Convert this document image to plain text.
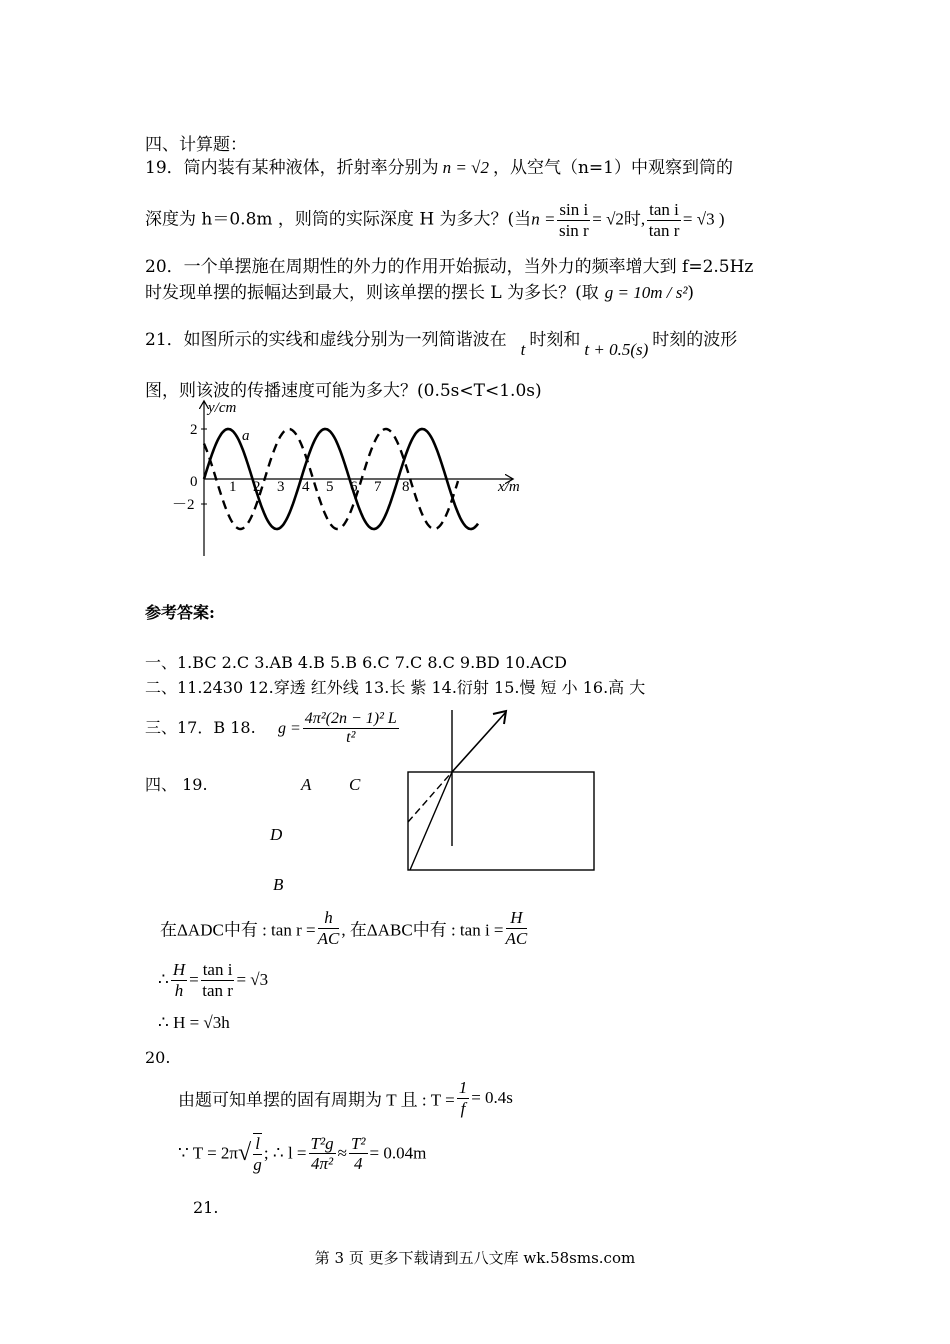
四、计算题：
19．筒内装有某种液体，折射率分别为 n = √2 ，从空气（n=1）中观察到筒的
深度为 h＝0.8m ，则筒的实际深度 H 为多大？(当$n = \frac{\text{sin i}}{\text{sin r}} = √2$时, $\frac{\text{tan i}}{\text{tan r}} = √3$ )
20．一个单摆施在周期性的外力的作用开始振动，当外力的频率增大到 f=2.5Hz
时发现单摆的振幅达到最大，则该单摆的摆长 L 为多长？(取 g = 10m / s²)
21．如图所示的实线和虚线分别为一列简谐波在 t 时刻和 t + 0.5(s) 时刻的波形
图，则该波的传播速度可能为多大？(0.5s<T<1.0s)
y/cm
x/m
a
2
0
－2
1 2 3 4 5 6 7 8
参考答案:
一、1.BC 2.C 3.AB 4.B 5.B 6.C 7.C 8.C 9.BD 10.ACD
二、11.2430 12.穿透 红外线 13.长 紫 14.衍射 15.慢 短 小 16.高 大
三、17．B 18. $g = \frac{\text{4π²(2n − 1)² L}}{\text{t²}}$
四、 19.	A C
D
B
在ΔADC中有 : $\tan r = \frac{h}{AC}$ , 在ΔABC中有 : $\tan i = \frac{H}{AC}$
∴ $\frac{H}{h} = \frac{\text{tan i}}{\text{tan r}} = √3$
∴ H = √3h
20.
由题可知单摆的固有周期为 T 且 : $T = \frac{1}{f} = 0.4s$
∵ $T = 2\pi√ \frac{l}{g}$ ; ∴ $l = \frac{\text{T²g}}{\text{4π²}} \approx \frac{\text{T²}}{4} = 0.04m$
21.
第 3 页 更多下载请到五八文库 wk.58sms.com
